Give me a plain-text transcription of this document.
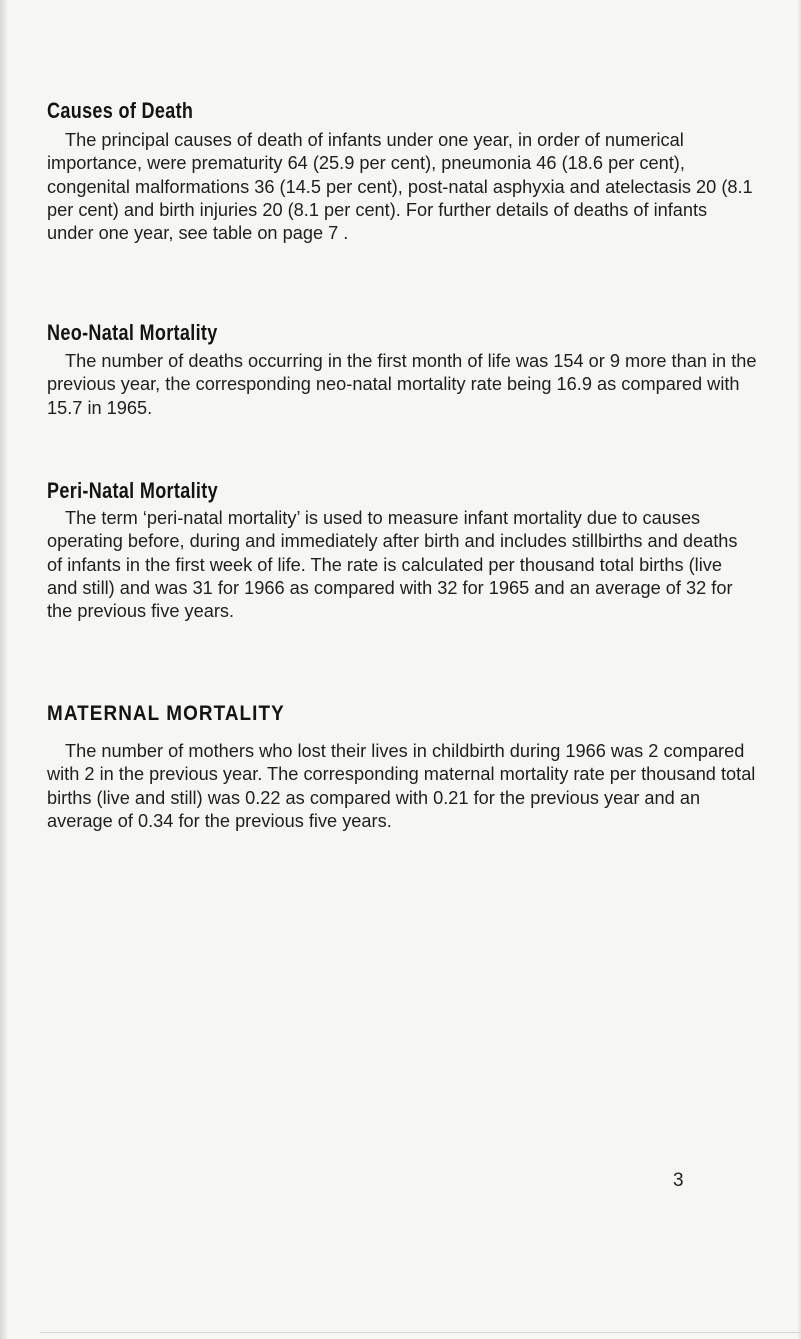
Causes of Death

The principal causes of death of infants under one year, in order of numerical importance, were prematurity 64 (25.9 per cent), pneumonia 46 (18.6 per cent), congenital malformations 36 (14.5 per cent), post-natal asphyxia and atelectasis 20 (8.1 per cent) and birth injuries 20 (8.1 per cent). For further details of deaths of infants under one year, see table on page 7 .

Neo-Natal Mortality

The number of deaths occurring in the first month of life was 154 or 9 more than in the previous year, the corresponding neo-natal mortality rate being 16.9 as compared with 15.7 in 1965.

Peri-Natal Mortality

The term ‘peri-natal mortality’ is used to measure infant mortality due to causes operating before, during and immediately after birth and includes stillbirths and deaths of infants in the first week of life. The rate is calculated per thousand total births (live and still) and was 31 for 1966 as compared with 32 for 1965 and an average of 32 for the previous five years.

MATERNAL MORTALITY

The number of mothers who lost their lives in childbirth during 1966 was 2 compared with 2 in the previous year. The corresponding maternal mortality rate per thousand total births (live and still) was 0.22 as compared with 0.21 for the previous year and an average of 0.34 for the previous five years.

3
